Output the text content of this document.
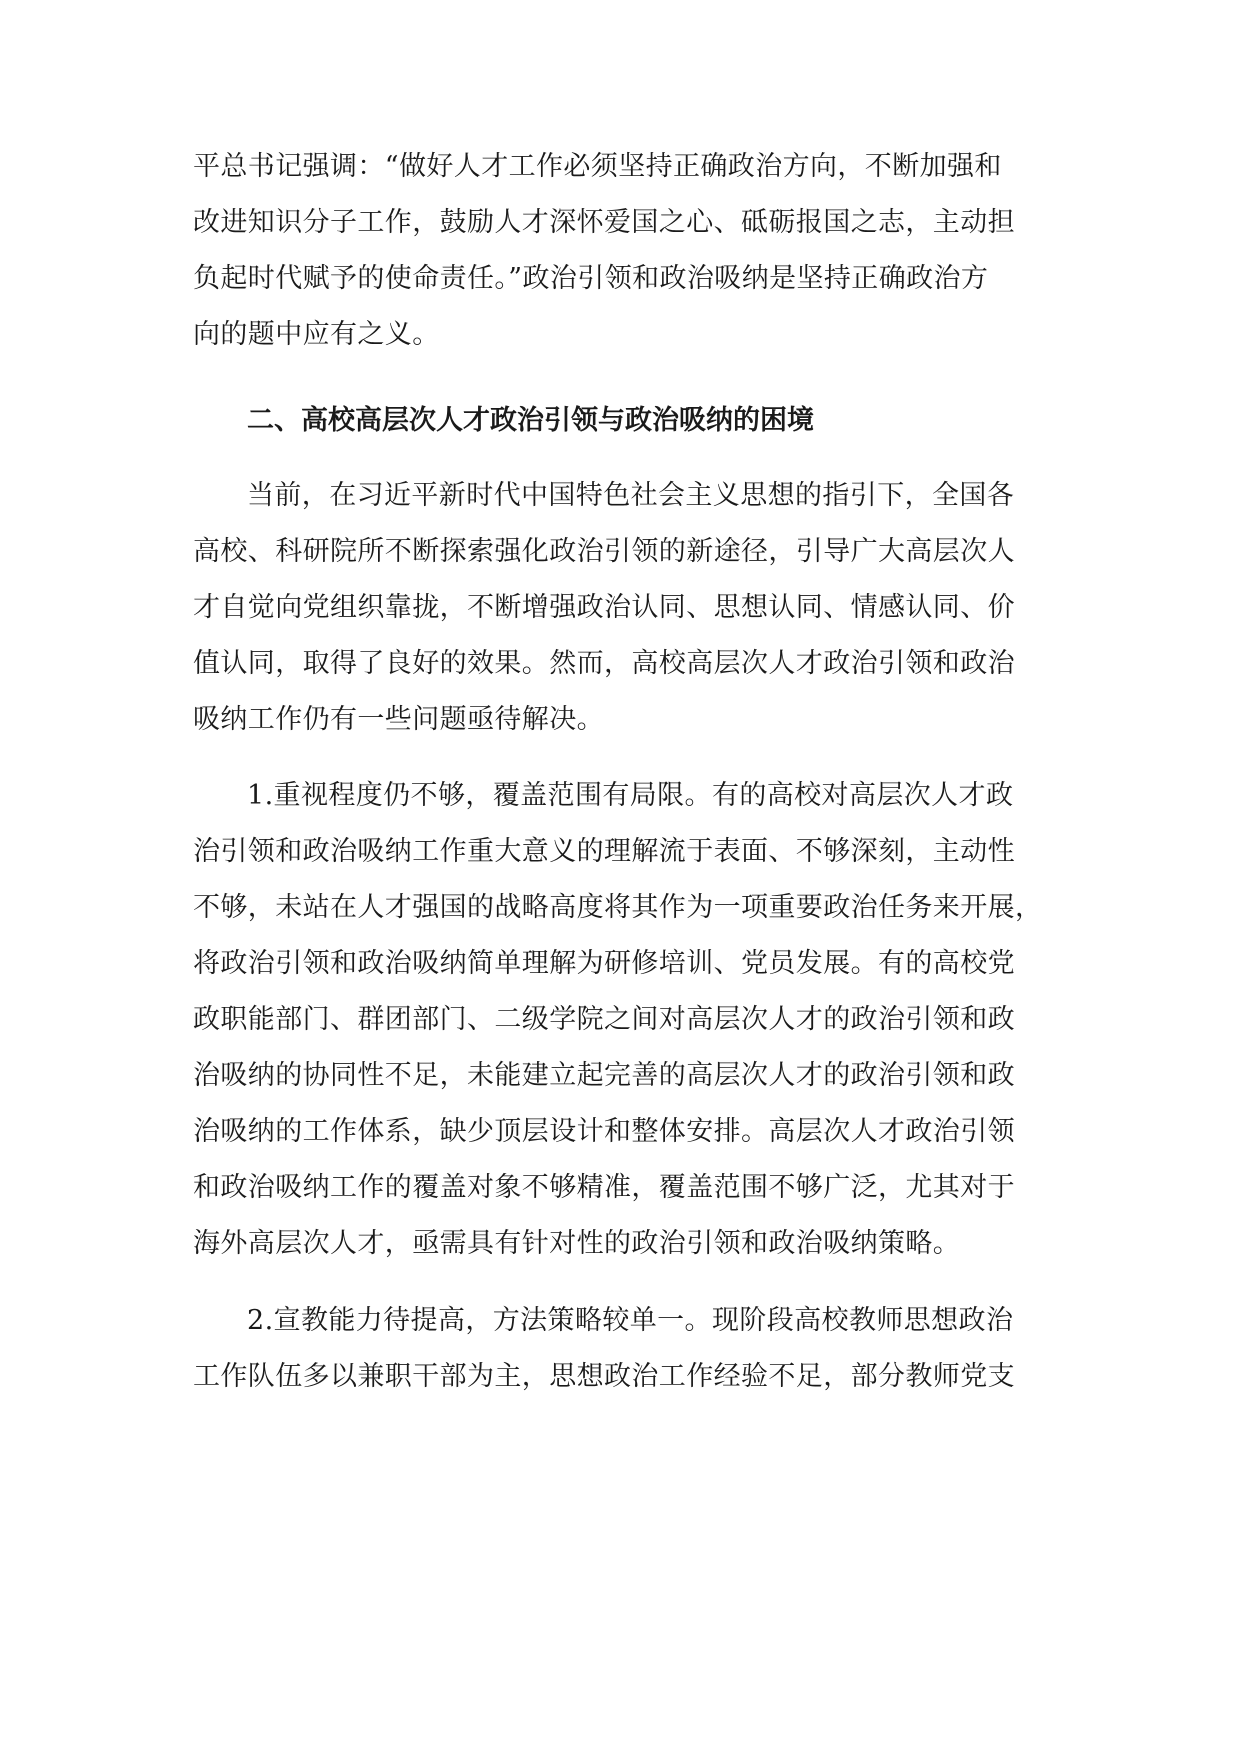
平总书记强调：“做好人才工作必须坚持正确政治方向，不断加强和
改进知识分子工作，鼓励人才深怀爱国之心、砥砺报国之志，主动担
负起时代赋予的使命责任。”政治引领和政治吸纳是坚持正确政治方
向的题中应有之义。
二、高校高层次人才政治引领与政治吸纳的困境
当前，在习近平新时代中国特色社会主义思想的指引下，全国各
高校、科研院所不断探索强化政治引领的新途径，引导广大高层次人
才自觉向党组织靠拢，不断增强政治认同、思想认同、情感认同、价
值认同，取得了良好的效果。然而，高校高层次人才政治引领和政治
吸纳工作仍有一些问题亟待解决。
1.重视程度仍不够，覆盖范围有局限。有的高校对高层次人才政
治引领和政治吸纳工作重大意义的理解流于表面、不够深刻，主动性
不够，未站在人才强国的战略高度将其作为一项重要政治任务来开展，
将政治引领和政治吸纳简单理解为研修培训、党员发展。有的高校党
政职能部门、群团部门、二级学院之间对高层次人才的政治引领和政
治吸纳的协同性不足，未能建立起完善的高层次人才的政治引领和政
治吸纳的工作体系，缺少顶层设计和整体安排。高层次人才政治引领
和政治吸纳工作的覆盖对象不够精准，覆盖范围不够广泛，尤其对于
海外高层次人才，亟需具有针对性的政治引领和政治吸纳策略。
2.宣教能力待提高，方法策略较单一。现阶段高校教师思想政治
工作队伍多以兼职干部为主，思想政治工作经验不足，部分教师党支
